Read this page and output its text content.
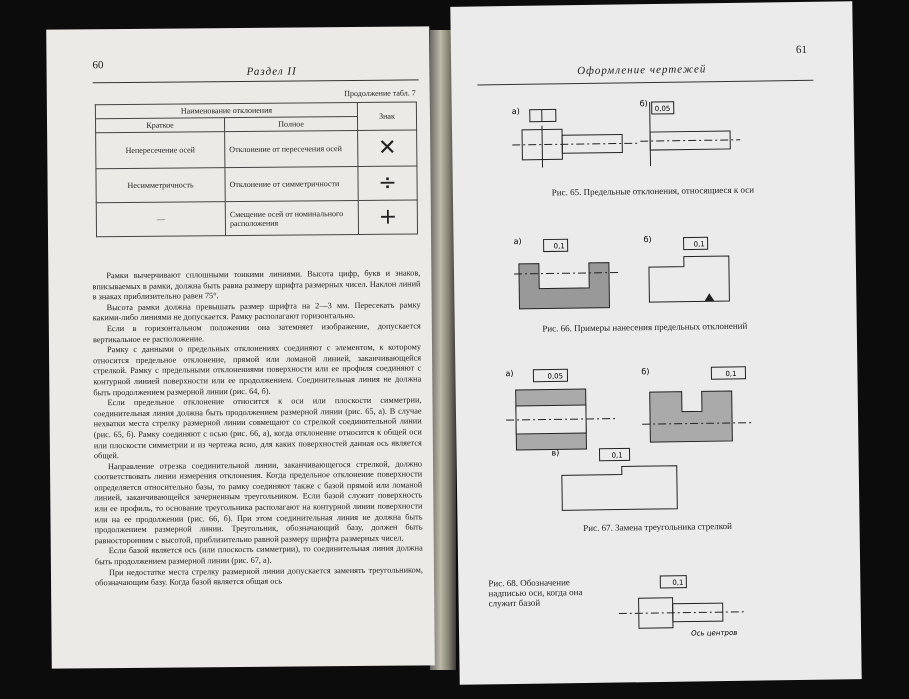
60
Раздел II
Продолжение табл. 7
Наименование отклонения		Знак
Краткое	Полное	
Непересечение осей	Отклонение от пересечения осей	✕
Несимметричность	Отклонение от симметричности	÷
—	Смещение осей от номинального расположения	+

Рамки вычерчивают сплошными тонкими линиями. Высота цифр, букв и знаков, вписываемых в рамки, должна быть равна размеру шрифта размерных чисел. Наклон линий в знаках приблизительно равен 75°.

Высота рамки должна превышать размер шрифта на 2—3 мм. Пересекать рамку какими-либо линиями не допускается. Рамку располагают горизонтально.

Если в горизонтальном положении она затемняет изображение, допускается вертикальное ее расположение.

Рамку с данными о предельных отклонениях соединяют с элементом, к которому относится предельное отклонение, прямой или ломаной линией, заканчивающейся стрелкой. Рамку с предельными отклонениями поверхности или ее профиля соединяют с контурной линией поверхности или ее продолжением. Соединительная линия не должна быть продолжением размерной линии (рис. 64, б).

Если предельное отклонение относится к оси или плоскости симметрии, соединительная линия должна быть продолжением размерной линии (рис. 65, а). В случае нехватки места стрелку размерной линии совмещают со стрелкой соединительной линии (рис. 65, б). Рамку соединяют с осью (рис. 66, а), когда отклонение относится к общей оси или плоскости симметрии и из чертежа ясно, для каких поверхностей данная ось является общей.

Направление отрезка соединительной линии, заканчивающегося стрелкой, должно соответствовать линии измерения отклонения. Когда предельное отклонение поверхности определяется относительно базы, то рамку соединяют также с базой прямой или ломаной линией, заканчивающейся зачерненным треугольником. Если базой служит поверхность или ее профиль, то основание треугольника располагают на контурной линии поверхности или на ее продолжении (рис. 66, б). При этом соединительная линия не должна быть продолжением размерной линии. Треугольник, обозначающий базу, должен быть равносторонним с высотой, приблизительно равной размеру шрифта размерных чисел.

Если базой является ось (или плоскость симметрии), то соединительная линия должна быть продолжением размерной линии (рис. 67, а).

При недостатке места стрелку размерной линии допускается заменять треугольником, обозначающим базу. Когда базой является общая ось

61
Оформление чертежей
а)
б)
0,05
Рис. 65. Предельные отклонения, относящиеся к оси
а)
0,1
б)
0,1
Рис. 66. Примеры нанесения предельных отклонений
а)	0,05
б)	0,1
в)	0,1
Рис. 67. Замена треугольника стрелкой
Рис. 68. Обозначение надписью оси, когда она служит базой
0,1
Ось центров
